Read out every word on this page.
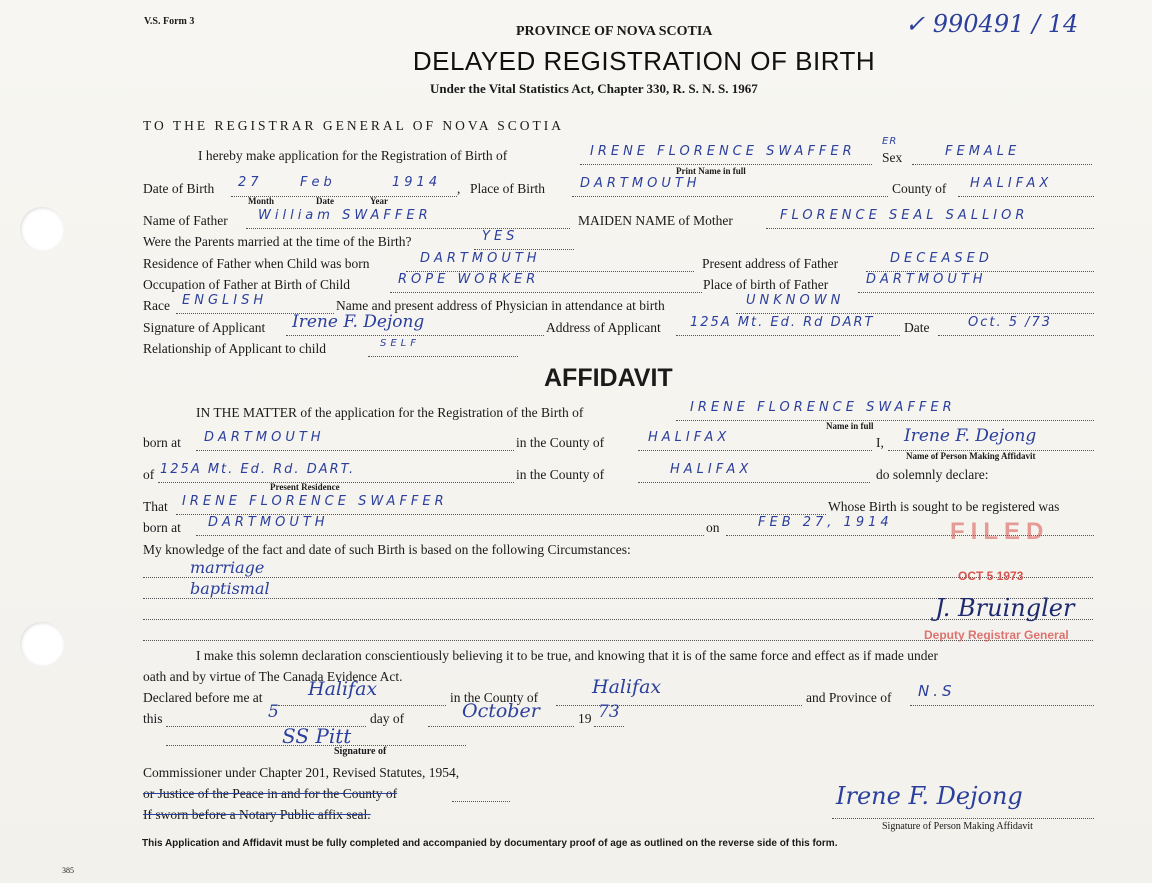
V.S. Form 3
PROVINCE OF NOVA SCOTIA
DELAYED REGISTRATION OF BIRTH
Under the Vital Statistics Act, Chapter 330, R. S. N. S. 1967
✓ 990491 / 14
TO THE REGISTRAR GENERAL OF NOVA SCOTIA
I hereby make application for the Registration of Birth of	IRENE FLORENCE SWAFFER
ER
Sex	FEMALE
Print Name in full
Date of Birth 27	Feb	1914 ,
Month	Date	Year
Place of Birth	DARTMOUTH	County of HALIFAX
Name of Father William SWAFFER	MAIDEN NAME of Mother	FLORENCE SEAL SALLIOR
Were the Parents married at the time of the Birth?	YES
Residence of Father when Child was born	DARTMOUTH	Present address of Father	DECEASED
Occupation of Father at Birth of Child	ROPE WORKER	Place of birth of Father	DARTMOUTH
Race ENGLISH	Name and present address of Physician in attendance at birth	UNKNOWN
Signature of Applicant Irene F. Dejong	Address of Applicant 125A Mt. Ed. Rd DART Date	Oct. 5 /73
Relationship of Applicant to child	SELF
AFFIDAVIT
IN THE MATTER of the application for the Registration of the Birth of	IRENE FLORENCE SWAFFER
Name in full
born at DARTMOUTH	in the County of	HALIFAX	I, Irene F. Dejong
Name of Person Making Affidavit
of 125A Mt. Ed. Rd. DART.
Present Residence
in the County of	HALIFAX	do solemnly declare:
That IRENE FLORENCE SWAFFER	Whose Birth is sought to be registered was
born at DARTMOUTH	on	FEB 27, 1914
My knowledge of the fact and date of such Birth is based on the following Circumstances:
marriage
baptismal
FILED
OCT 5 1973
J. Bruingler
Deputy Registrar General
I make this solemn declaration conscientiously believing it to be true, and knowing that it is of the same force and effect as if made under
oath and by virtue of The Canada Evidence Act.
Declared before me at Halifax	in the County of	Halifax	and Province of N.S
this	5	day of	October	19 73
SS Pitt
Signature of
Commissioner under Chapter 201, Revised Statutes, 1954,
or Justice of the Peace in and for the County of
If sworn before a Notary Public affix seal.
Irene F. Dejong
Signature of Person Making Affidavit
This Application and Affidavit must be fully completed and accompanied by documentary proof of age as outlined on the reverse side of this form.
385
